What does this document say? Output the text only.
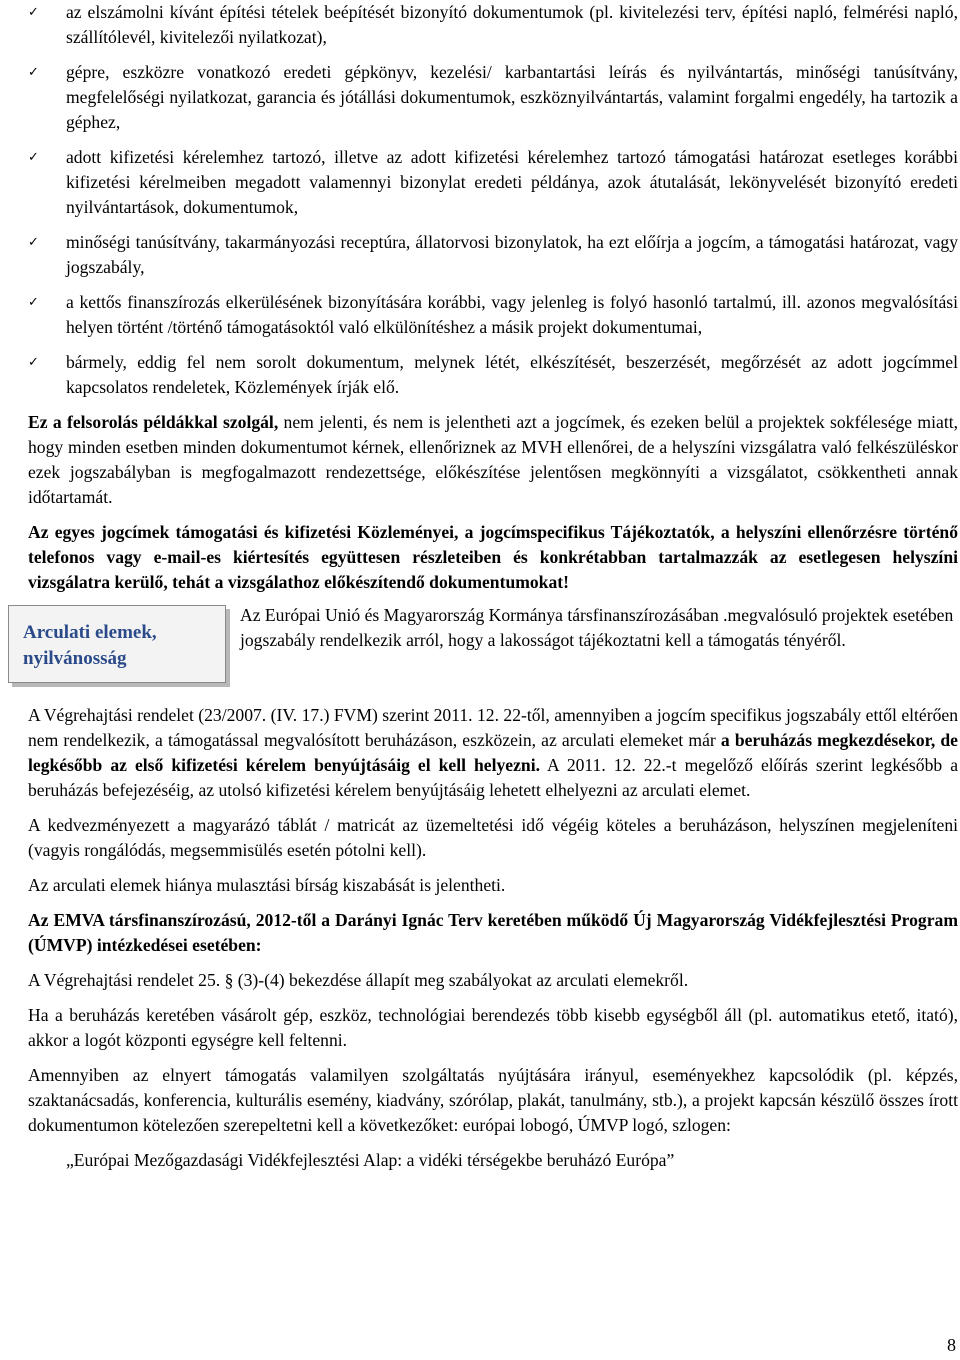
✓ az elszámolni kívánt építési tételek beépítését bizonyító dokumentumok (pl. kivitelezési terv, építési napló, felmérési napló, szállítólevél, kivitelezői nyilatkozat),
✓ gépre, eszközre vonatkozó eredeti gépkönyv, kezelési/ karbantartási leírás és nyilvántartás, minőségi tanúsítvány, megfelelőségi nyilatkozat, garancia és jótállási dokumentumok, eszköznyilvántartás, valamint forgalmi engedély, ha tartozik a géphez,
✓ adott kifizetési kérelemhez tartozó, illetve az adott kifizetési kérelemhez tartozó támogatási határozat esetleges korábbi kifizetési kérelmeiben megadott valamennyi bizonylat eredeti példánya, azok átutalását, lekönyvelését bizonyító eredeti nyilvántartások, dokumentumok,
✓ minőségi tanúsítvány, takarmányozási receptúra, állatorvosi bizonylatok, ha ezt előírja a jogcím, a támogatási határozat, vagy jogszabály,
✓ a kettős finanszírozás elkerülésének bizonyítására korábbi, vagy jelenleg is folyó hasonló tartalmú, ill. azonos megvalósítási helyen történt /történő támogatásoktól való elkülönítéshez a másik projekt dokumentumai,
✓ bármely, eddig fel nem sorolt dokumentum, melynek létét, elkészítését, beszerzését, megőrzését az adott jogcímmel kapcsolatos rendeletek, Közlemények írják elő.

Ez a felsorolás példákkal szolgál, nem jelenti, és nem is jelentheti azt a jogcímek, és ezeken belül a projektek sokfélesége miatt, hogy minden esetben minden dokumentumot kérnek, ellenőriznek az MVH ellenőrei, de a helyszíni vizsgálatra való felkészüléskor ezek jogszabályban is megfogalmazott rendezettsége, előkészítése jelentősen megkönnyíti a vizsgálatot, csökkentheti annak időtartamát.

Az egyes jogcímek támogatási és kifizetési Közleményei, a jogcímspecifikus Tájékoztatók, a helyszíni ellenőrzésre történő telefonos vagy e-mail-es kiértesítés együttesen részleteiben és konkrétabban tartalmazzák az esetlegesen helyszíni vizsgálatra kerülő, tehát a vizsgálathoz előkészítendő dokumentumokat!

Arculati elemek,
nyilvánosság
Az Európai Unió és Magyarország Kormánya társfinanszírozásában .megvalósuló projektek esetében jogszabály rendelkezik arról, hogy a lakosságot tájékoztatni kell a támogatás tényéről.

A Végrehajtási rendelet (23/2007. (IV. 17.) FVM) szerint 2011. 12. 22-től, amennyiben a jogcím specifikus jogszabály ettől eltérően nem rendelkezik, a támogatással megvalósított beruházáson, eszközein, az arculati elemeket már a beruházás megkezdésekor, de legkésőbb az első kifizetési kérelem benyújtásáig el kell helyezni. A 2011. 12. 22.-t megelőző előírás szerint legkésőbb a beruházás befejezéséig, az utolsó kifizetési kérelem benyújtásáig lehetett elhelyezni az arculati elemet.

A kedvezményezett a magyarázó táblát / matricát az üzemeltetési idő végéig köteles a beruházáson, helyszínen megjeleníteni (vagyis rongálódás, megsemmisülés esetén pótolni kell).

Az arculati elemek hiánya mulasztási bírság kiszabását is jelentheti.

Az EMVA társfinanszírozású, 2012-től a Darányi Ignác Terv keretében működő Új Magyarország Vidékfejlesztési Program (ÚMVP) intézkedései esetében:

A Végrehajtási rendelet 25. § (3)-(4) bekezdése állapít meg szabályokat az arculati elemekről.

Ha a beruházás keretében vásárolt gép, eszköz, technológiai berendezés több kisebb egységből áll (pl. automatikus etető, itató), akkor a logót központi egységre kell feltenni.

Amennyiben az elnyert támogatás valamilyen szolgáltatás nyújtására irányul, eseményekhez kapcsolódik (pl. képzés, szaktanácsadás, konferencia, kulturális esemény, kiadvány, szórólap, plakát, tanulmány, stb.), a projekt kapcsán készülő összes írott dokumentumon kötelezően szerepeltetni kell a következőket: európai lobogó, ÚMVP logó, szlogen:

„Európai Mezőgazdasági Vidékfejlesztési Alap: a vidéki térségekbe beruházó Európa”

8
